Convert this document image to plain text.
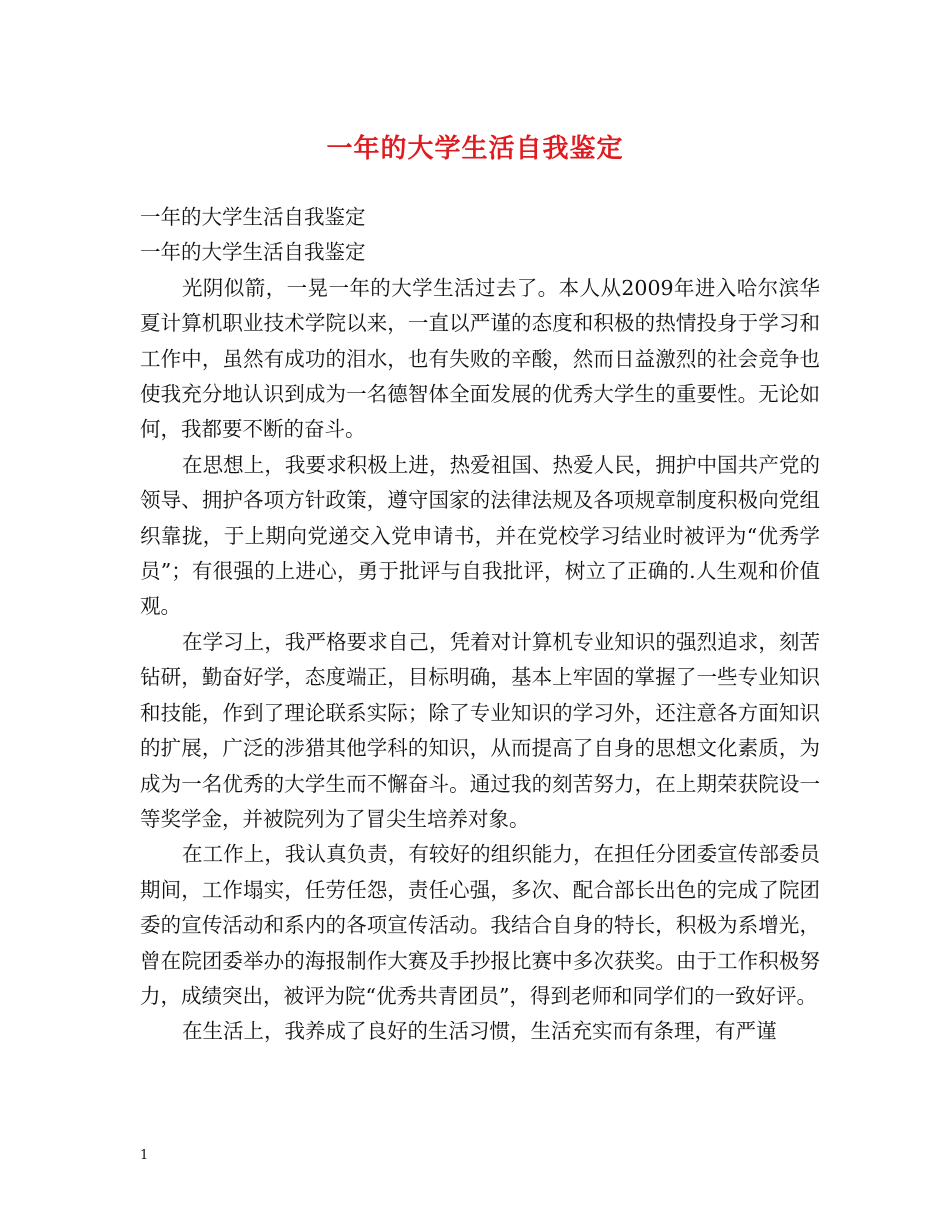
一年的大学生活自我鉴定

一年的大学生活自我鉴定

一年的大学生活自我鉴定

光阴似箭，一晃一年的大学生活过去了。本人从2009年进入哈尔滨华夏计算机职业技术学院以来，一直以严谨的态度和积极的热情投身于学习和工作中，虽然有成功的泪水，也有失败的辛酸，然而日益激烈的社会竞争也使我充分地认识到成为一名德智体全面发展的优秀大学生的重要性。无论如何，我都要不断的奋斗。

在思想上，我要求积极上进，热爱祖国、热爱人民，拥护中国共产党的领导、拥护各项方针政策，遵守国家的法律法规及各项规章制度积极向党组织靠拢，于上期向党递交入党申请书，并在党校学习结业时被评为“优秀学员”；有很强的上进心，勇于批评与自我批评，树立了正确的.人生观和价值观。

在学习上，我严格要求自己，凭着对计算机专业知识的强烈追求，刻苦钻研，勤奋好学，态度端正，目标明确，基本上牢固的掌握了一些专业知识和技能，作到了理论联系实际；除了专业知识的学习外，还注意各方面知识的扩展，广泛的涉猎其他学科的知识，从而提高了自身的思想文化素质，为成为一名优秀的大学生而不懈奋斗。通过我的刻苦努力，在上期荣获院设一等奖学金，并被院列为了冒尖生培养对象。

在工作上，我认真负责，有较好的组织能力，在担任分团委宣传部委员期间，工作塌实，任劳任怨，责任心强，多次、配合部长出色的完成了院团委的宣传活动和系内的各项宣传活动。我结合自身的特长，积极为系增光，曾在院团委举办的海报制作大赛及手抄报比赛中多次获奖。由于工作积极努力，成绩突出，被评为院“优秀共青团员”，得到老师和同学们的一致好评。

在生活上，我养成了良好的生活习惯，生活充实而有条理，有严谨

1
